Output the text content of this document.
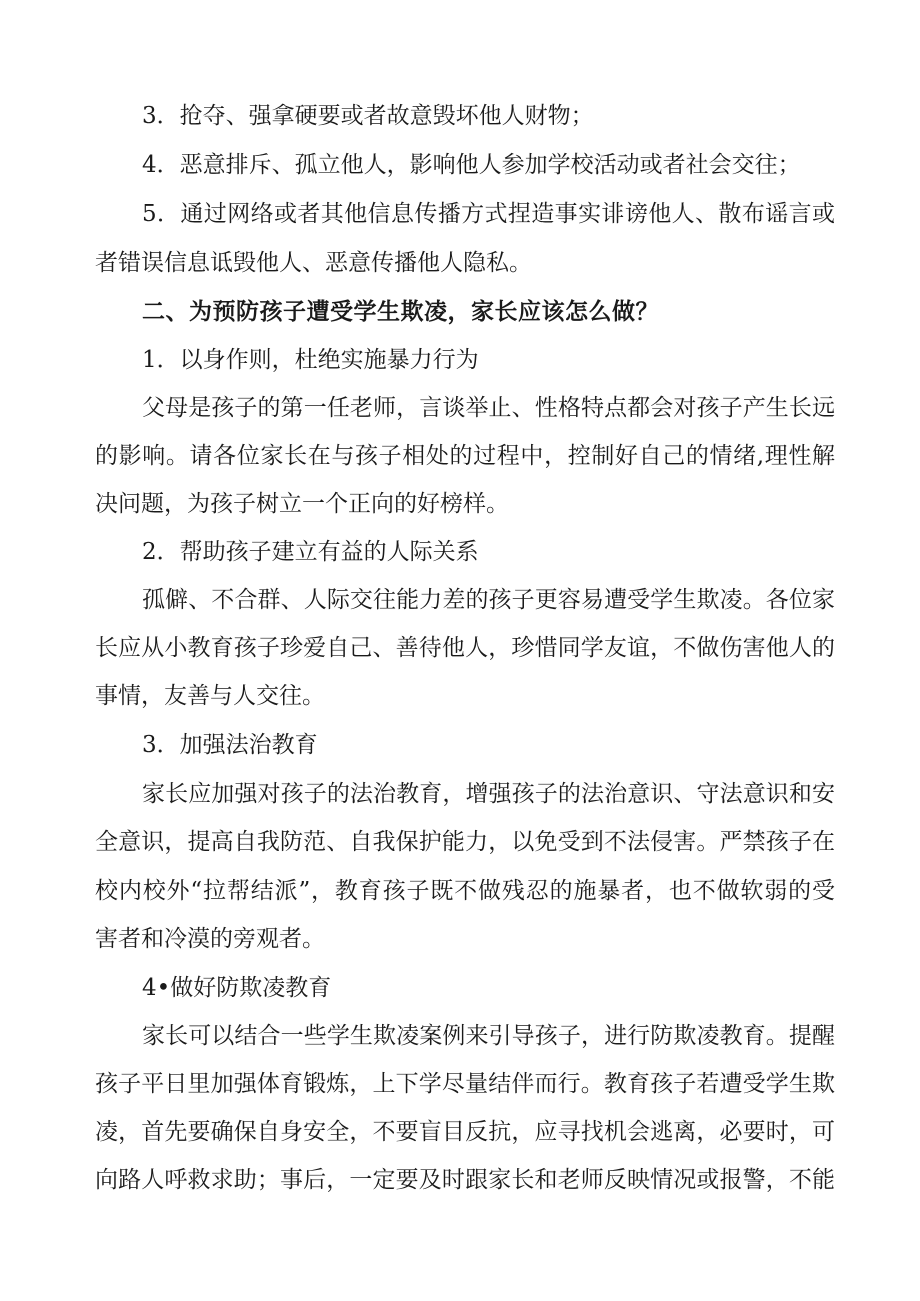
3．抢夺、强拿硬要或者故意毁坏他人财物；
4．恶意排斥、孤立他人，影响他人参加学校活动或者社会交往；
5．通过网络或者其他信息传播方式捏造事实诽谤他人、散布谣言或
者错误信息诋毁他人、恶意传播他人隐私。
二、为预防孩子遭受学生欺凌，家长应该怎么做？
1．以身作则，杜绝实施暴力行为
父母是孩子的第一任老师，言谈举止、性格特点都会对孩子产生长远
的影响。请各位家长在与孩子相处的过程中，控制好自己的情绪,理性解
决问题，为孩子树立一个正向的好榜样。
2．帮助孩子建立有益的人际关系
孤僻、不合群、人际交往能力差的孩子更容易遭受学生欺凌。各位家
长应从小教育孩子珍爱自己、善待他人，珍惜同学友谊，不做伤害他人的
事情，友善与人交往。
3．加强法治教育
家长应加强对孩子的法治教育，增强孩子的法治意识、守法意识和安
全意识，提高自我防范、自我保护能力，以免受到不法侵害。严禁孩子在
校内校外“拉帮结派”，教育孩子既不做残忍的施暴者，也不做软弱的受
害者和冷漠的旁观者。
4•做好防欺凌教育
家长可以结合一些学生欺凌案例来引导孩子，进行防欺凌教育。提醒
孩子平日里加强体育锻炼，上下学尽量结伴而行。教育孩子若遭受学生欺
凌，首先要确保自身安全，不要盲目反抗，应寻找机会逃离，必要时，可
向路人呼救求助；事后，一定要及时跟家长和老师反映情况或报警，不能
